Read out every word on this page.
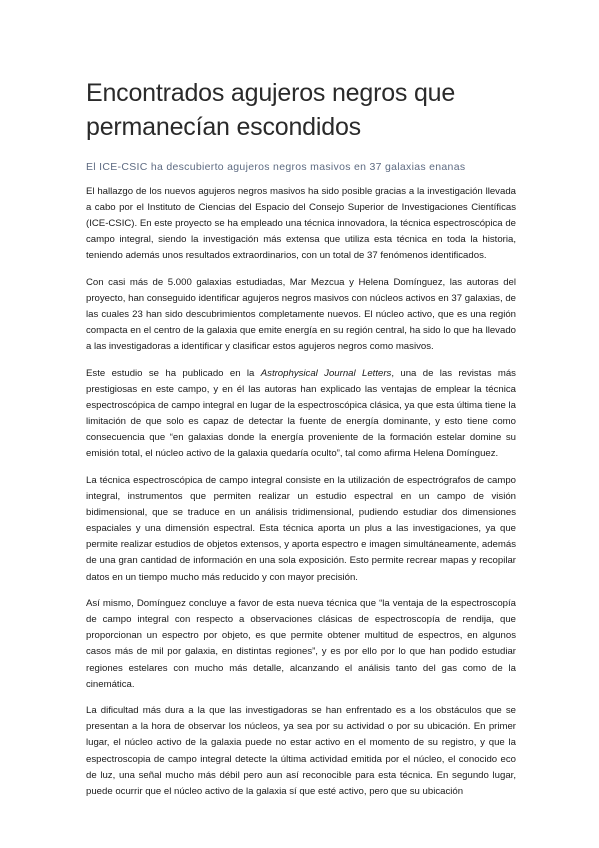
Encontrados agujeros negros que permanecían escondidos

El ICE-CSIC ha descubierto agujeros negros masivos en 37 galaxias enanas

El hallazgo de los nuevos agujeros negros masivos ha sido posible gracias a la investigación llevada a cabo por el Instituto de Ciencias del Espacio del Consejo Superior de Investigaciones Científicas (ICE-CSIC). En este proyecto se ha empleado una técnica innovadora, la técnica espectroscópica de campo integral, siendo la investigación más extensa que utiliza esta técnica en toda la historia, teniendo además unos resultados extraordinarios, con un total de 37 fenómenos identificados.

Con casi más de 5.000 galaxias estudiadas, Mar Mezcua y Helena Domínguez, las autoras del proyecto, han conseguido identificar agujeros negros masivos con núcleos activos en 37 galaxias, de las cuales 23 han sido descubrimientos completamente nuevos. El núcleo activo, que es una región compacta en el centro de la galaxia que emite energía en su región central, ha sido lo que ha llevado a las investigadoras a identificar y clasificar estos agujeros negros como masivos.

Este estudio se ha publicado en la Astrophysical Journal Letters, una de las revistas más prestigiosas en este campo, y en él las autoras han explicado las ventajas de emplear la técnica espectroscópica de campo integral en lugar de la espectroscópica clásica, ya que esta última tiene la limitación de que solo es capaz de detectar la fuente de energía dominante, y esto tiene como consecuencia que “en galaxias donde la energía proveniente de la formación estelar domine su emisión total, el núcleo activo de la galaxia quedaría oculto”, tal como afirma Helena Domínguez.

La técnica espectroscópica de campo integral consiste en la utilización de espectrógrafos de campo integral, instrumentos que permiten realizar un estudio espectral en un campo de visión bidimensional, que se traduce en un análisis tridimensional, pudiendo estudiar dos dimensiones espaciales y una dimensión espectral. Esta técnica aporta un plus a las investigaciones, ya que permite realizar estudios de objetos extensos, y aporta espectro e imagen simultáneamente, además de una gran cantidad de información en una sola exposición. Esto permite recrear mapas y recopilar datos en un tiempo mucho más reducido y con mayor precisión.

Así mismo, Domínguez concluye a favor de esta nueva técnica que “la ventaja de la espectroscopía de campo integral con respecto a observaciones clásicas de espectroscopía de rendija, que proporcionan un espectro por objeto, es que permite obtener multitud de espectros, en algunos casos más de mil por galaxia, en distintas regiones”, y es por ello por lo que han podido estudiar regiones estelares con mucho más detalle, alcanzando el análisis tanto del gas como de la cinemática.

La dificultad más dura a la que las investigadoras se han enfrentado es a los obstáculos que se presentan a la hora de observar los núcleos, ya sea por su actividad o por su ubicación. En primer lugar, el núcleo activo de la galaxia puede no estar activo en el momento de su registro, y que la espectroscopia de campo integral detecte la última actividad emitida por el núcleo, el conocido eco de luz, una señal mucho más débil pero aun así reconocible para esta técnica. En segundo lugar, puede ocurrir que el núcleo activo de la galaxia sí que esté activo, pero que su ubicación
